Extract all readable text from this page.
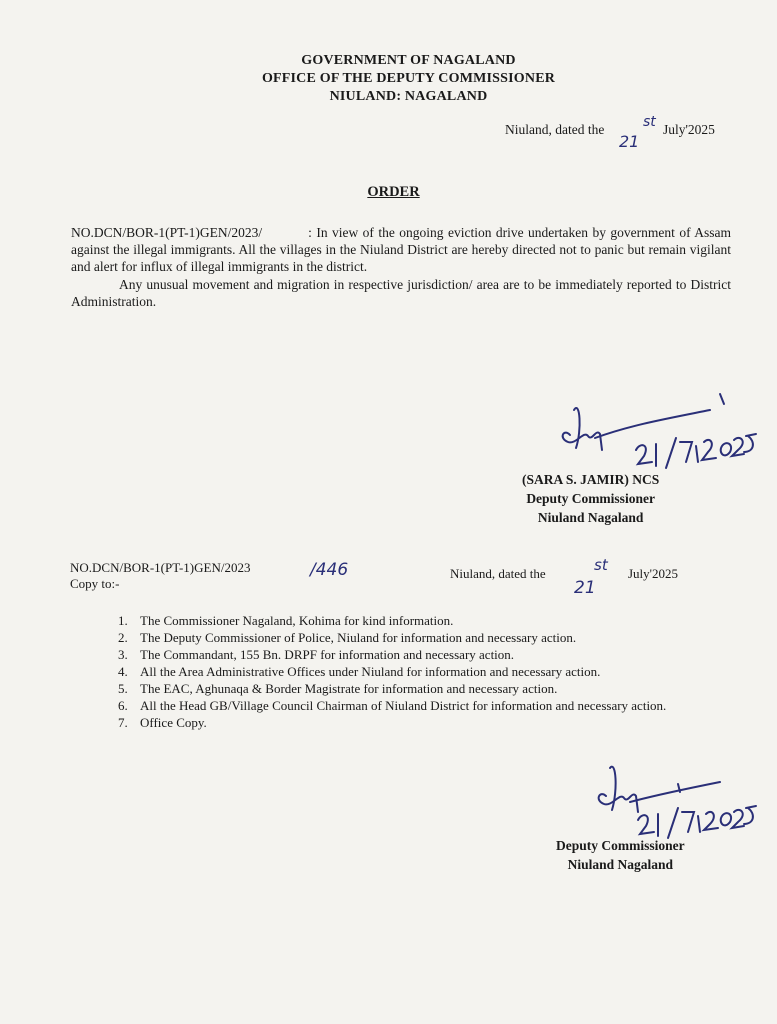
GOVERNMENT OF NAGALAND
OFFICE OF THE DEPUTY COMMISSIONER
NIULAND: NAGALAND
Niuland, dated the
21
st July'2025
ORDER

NO.DCN/BOR-1(PT-1)GEN/2023/	: In view of the ongoing eviction drive undertaken by government of Assam against the illegal immigrants. All the villages in the Niuland District are hereby directed not to panic but remain vigilant and alert for influx of illegal immigrants in the district.

Any unusual movement and migration in respective jurisdiction/ area are to be immediately reported to District Administration.

(SARA S. JAMIR) NCS
Deputy Commissioner
Niuland Nagaland
NO.DCN/BOR-1(PT-1)GEN/2023	/446
Copy to:-
Niuland, dated the
21
st July'2025
1. The Commissioner Nagaland, Kohima for kind information.
2. The Deputy Commissioner of Police, Niuland for information and necessary action.
3. The Commandant, 155 Bn. DRPF for information and necessary action.
4. All the Area Administrative Offices under Niuland for information and necessary action.
5. The EAC, Aghunaqa & Border Magistrate for information and necessary action.
6. All the Head GB/Village Council Chairman of Niuland District for information and necessary action.
7. Office Copy.
Deputy Commissioner
Niuland Nagaland
